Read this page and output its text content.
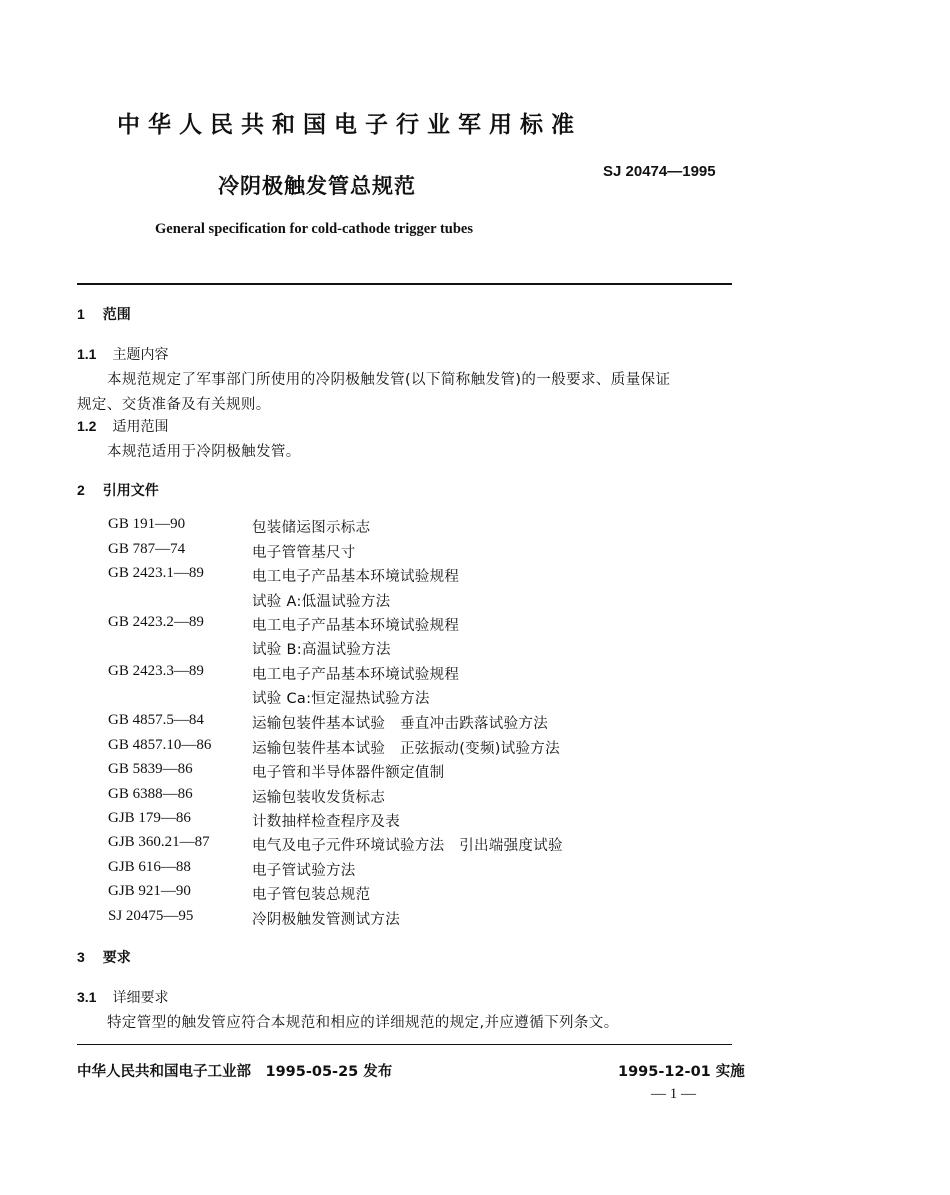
中华人民共和国电子行业军用标准
冷阴极触发管总规范
SJ 20474—1995
General specification for cold-cathode trigger tubes
1 范围
1.1 主题内容
本规范规定了军事部门所使用的冷阴极触发管(以下简称触发管)的一般要求、质量保证
规定、交货准备及有关规则。
1.2 适用范围
本规范适用于冷阴极触发管。
2 引用文件
GB 191—90	包装储运图示标志
GB 787—74	电子管管基尺寸
GB 2423.1—89	电工电子产品基本环境试验规程
试验 A:低温试验方法
GB 2423.2—89	电工电子产品基本环境试验规程
试验 B:高温试验方法
GB 2423.3—89	电工电子产品基本环境试验规程
试验 Ca:恒定湿热试验方法
GB 4857.5—84	运输包装件基本试验　垂直冲击跌落试验方法
GB 4857.10—86	运输包装件基本试验　正弦振动(变频)试验方法
GB 5839—86	电子管和半导体器件额定值制
GB 6388—86	运输包装收发货标志
GJB 179—86	计数抽样检查程序及表
GJB 360.21—87	电气及电子元件环境试验方法　引出端强度试验
GJB 616—88	电子管试验方法
GJB 921—90	电子管包装总规范
SJ 20475—95	冷阴极触发管测试方法
3 要求
3.1 详细要求
特定管型的触发管应符合本规范和相应的详细规范的规定,并应遵循下列条文。
中华人民共和国电子工业部　1995-05-25 发布	1995-12-01 实施
— 1 —
